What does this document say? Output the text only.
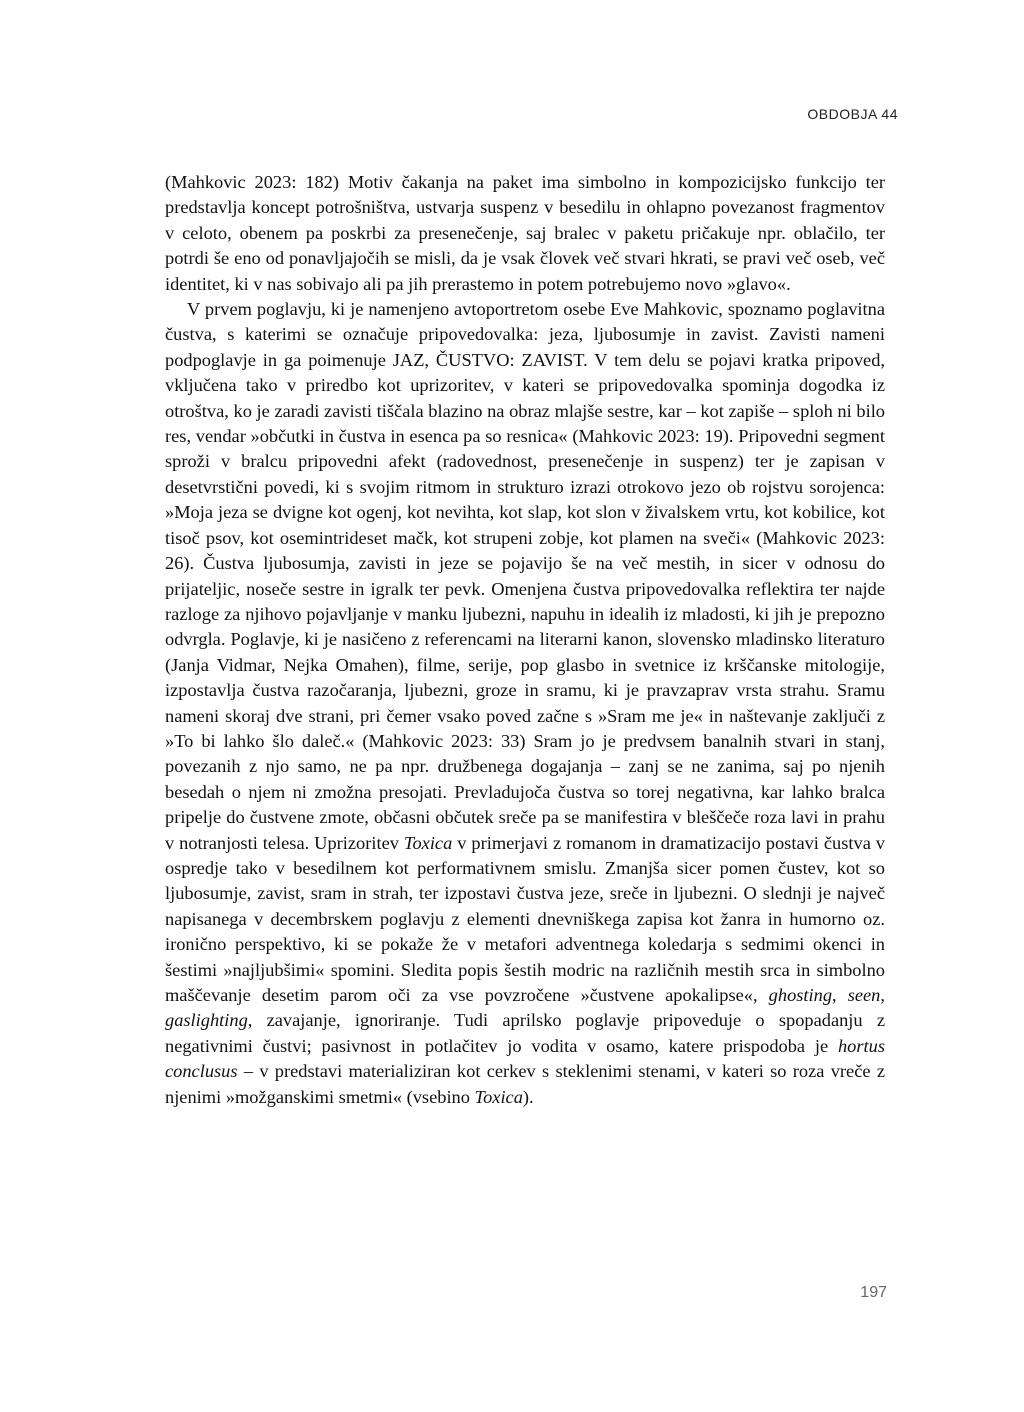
OBDOBJA 44

(Mahkovic 2023: 182) Motiv čakanja na paket ima simbolno in kompozicijsko funkcijo ter predstavlja koncept potrošništva, ustvarja suspenz v besedilu in ohlapno povezanost fragmentov v celoto, obenem pa poskrbi za presenečenje, saj bralec v paketu pričakuje npr. oblačilo, ter potrdi še eno od ponavljajočih se misli, da je vsak človek več stvari hkrati, se pravi več oseb, več identitet, ki v nas sobivajo ali pa jih prerastemo in potem potrebujemo novo »glavo«.

V prvem poglavju, ki je namenjeno avtoportretom osebe Eve Mahkovic, spoznamo poglavitna čustva, s katerimi se označuje pripovedovalka: jeza, ljubosumje in zavist. Zavisti nameni podpoglavje in ga poimenuje JAZ, ČUSTVO: ZAVIST. V tem delu se pojavi kratka pripoved, vključena tako v priredbo kot uprizoritev, v kateri se pripovedovalka spominja dogodka iz otroštva, ko je zaradi zavisti tiščala blazino na obraz mlajše sestre, kar – kot zapiše – sploh ni bilo res, vendar »občutki in čustva in esenca pa so resnica« (Mahkovic 2023: 19). Pripovedni segment sproži v bralcu pripovedni afekt (radovednost, presenečenje in suspenz) ter je zapisan v desetvrstični povedi, ki s svojim ritmom in strukturo izrazi otrokovo jezo ob rojstvu sorojenca: »Moja jeza se dvigne kot ogenj, kot nevihta, kot slap, kot slon v živalskem vrtu, kot kobilice, kot tisoč psov, kot osemintrideset mačk, kot strupeni zobje, kot plamen na sveči« (Mahkovic 2023: 26). Čustva ljubosumja, zavisti in jeze se pojavijo še na več mestih, in sicer v odnosu do prijateljic, noseče sestre in igralk ter pevk. Omenjena čustva pripovedovalka reflektira ter najde razloge za njihovo pojavljanje v manku ljubezni, napuhu in idealih iz mladosti, ki jih je prepozno odvrgla. Poglavje, ki je nasičeno z referencami na literarni kanon, slovensko mladinsko literaturo (Janja Vidmar, Nejka Omahen), filme, serije, pop glasbo in svetnice iz krščanske mitologije, izpostavlja čustva razočaranja, ljubezni, groze in sramu, ki je pravzaprav vrsta strahu. Sramu nameni skoraj dve strani, pri čemer vsako poved začne s »Sram me je« in naštevanje zaključi z »To bi lahko šlo daleč.« (Mahkovic 2023: 33) Sram jo je predvsem banalnih stvari in stanj, povezanih z njo samo, ne pa npr. družbenega dogajanja – zanj se ne zanima, saj po njenih besedah o njem ni zmožna presojati. Prevladujoča čustva so torej negativna, kar lahko bralca pripelje do čustvene zmote, občasni občutek sreče pa se manifestira v bleščeče roza lavi in prahu v notranjosti telesa. Uprizoritev Toxica v primerjavi z romanom in dramatizacijo postavi čustva v ospredje tako v besedilnem kot performativnem smislu. Zmanjša sicer pomen čustev, kot so ljubosumje, zavist, sram in strah, ter izpostavi čustva jeze, sreče in ljubezni. O slednji je največ napisanega v decembrskem poglavju z elementi dnevniškega zapisa kot žanra in humorno oz. ironično perspektivo, ki se pokaže že v metafori adventnega koledarja s sedmimi okenci in šestimi »najljubšimi« spomini. Sledita popis šestih modric na različnih mestih srca in simbolno maščevanje desetim parom oči za vse povzročene »čustvene apokalipse«, ghosting, seen, gaslighting, zavajanje, ignoriranje. Tudi aprilsko poglavje pripoveduje o spopadanju z negativnimi čustvi; pasivnost in potlačitev jo vodita v osamo, katere prispodoba je hortus conclusus – v predstavi materializiran kot cerkev s steklenimi stenami, v kateri so roza vreče z njenimi »možganskimi smetmi« (vsebino Toxica).

197
